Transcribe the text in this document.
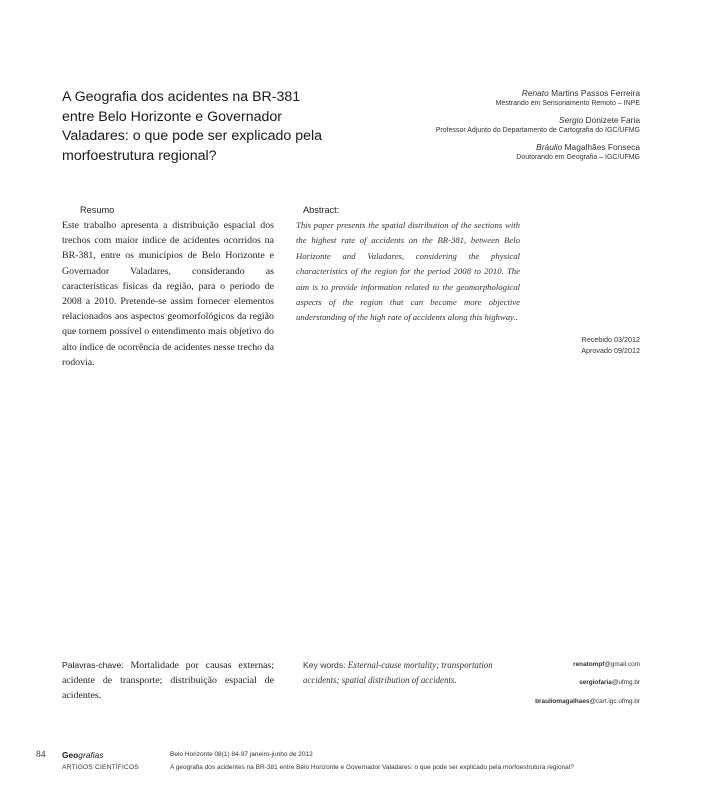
A Geografia dos acidentes na BR-381 entre Belo Horizonte e Governador Valadares: o que pode ser explicado pela morfoestrutura regional?
Renato Martins Passos Ferreira
Mestrando em Sensoriamento Remoto – INPE
Sergio Donizete Faria
Professor Adjunto do Departamento de Cartografia do IGC/UFMG
Bráulio Magalhães Fonseca
Doutorando em Geografia – IGC/UFMG
Resumo
Este trabalho apresenta a distribuição espacial dos trechos com maior índice de acidentes ocorridos na BR-381, entre os municípios de Belo Horizonte e Governador Valadares, considerando as características físicas da região, para o período de 2008 a 2010. Pretende-se assim fornecer elementos relacionados aos aspectos geomorfológicos da região que tornem possível o entendimento mais objetivo do alto índice de ocorrência de acidentes nesse trecho da rodovia.
Abstract:
This paper presents the spatial distribution of the sections with the highest rate of accidents on the BR-381, between Belo Horizonte and Valadares, considering the physical characteristics of the region for the period 2008 to 2010. The aim is to provide information related to the geomorphological aspects of the region that can become more objective understanding of the high rate of accidents along this highway..
Recebido 03/2012
Aprovado 09/2012
Palavras-chave: Mortalidade por causas externas; acidente de transporte; distribuição espacial de acidentes.
Key words: External-cause mortality; transportation accidents; spatial distribution of accidents.
renatompf@gmail.com
sergiofaria@ufmg.br
brauliomagalhaes@cart.igc.ufmg.br
84 Geografias
ARTIGOS CIENTÍFICOS
Belo Horizonte 08(1) 84-97 janeiro-junho de 2012
A geografia dos acidentes na BR-381 entre Belo Horizonte e Governador Valadares: o que pode ser explicado pela morfoestrutura regional?
